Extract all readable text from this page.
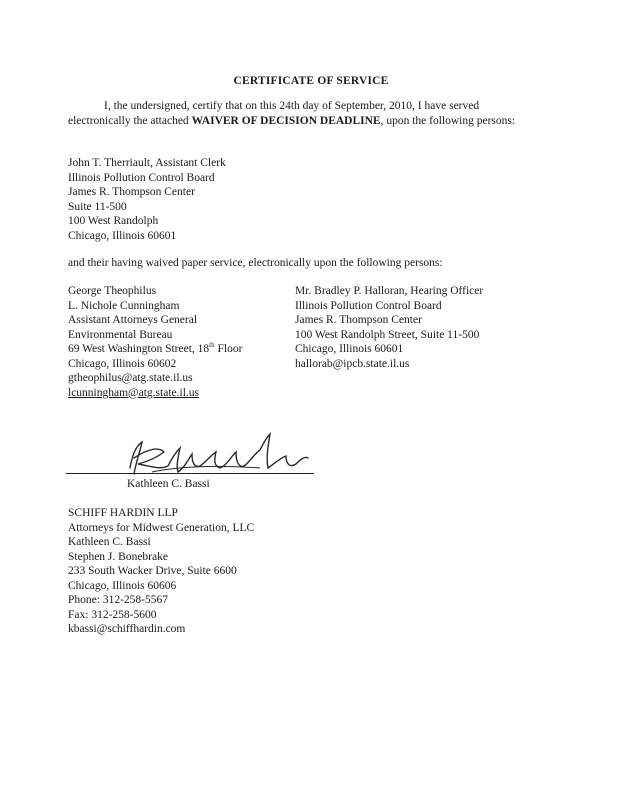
CERTIFICATE OF SERVICE
I, the undersigned, certify that on this 24th day of September, 2010, I have served electronically the attached WAIVER OF DECISION DEADLINE, upon the following persons:
John T. Therriault, Assistant Clerk
Illinois Pollution Control Board
James R. Thompson Center
Suite 11-500
100 West Randolph
Chicago, Illinois 60601
and their having waived paper service, electronically upon the following persons:
George Theophilus
L. Nichole Cunningham
Assistant Attorneys General
Environmental Bureau
69 West Washington Street, 18th Floor
Chicago, Illinois 60602
gtheophilus@atg.state.il.us
lcunningham@atg.state.il.us
Mr. Bradley P. Halloran, Hearing Officer
Illinois Pollution Control Board
James R. Thompson Center
100 West Randolph Street, Suite 11-500
Chicago, Illinois 60601
hallorab@ipcb.state.il.us
Kathleen C. Bassi
SCHIFF HARDIN LLP
Attorneys for Midwest Generation, LLC
Kathleen C. Bassi
Stephen J. Bonebrake
233 South Wacker Drive, Suite 6600
Chicago, Illinois 60606
Phone: 312-258-5567
Fax: 312-258-5600
kbassi@schiffhardin.com
